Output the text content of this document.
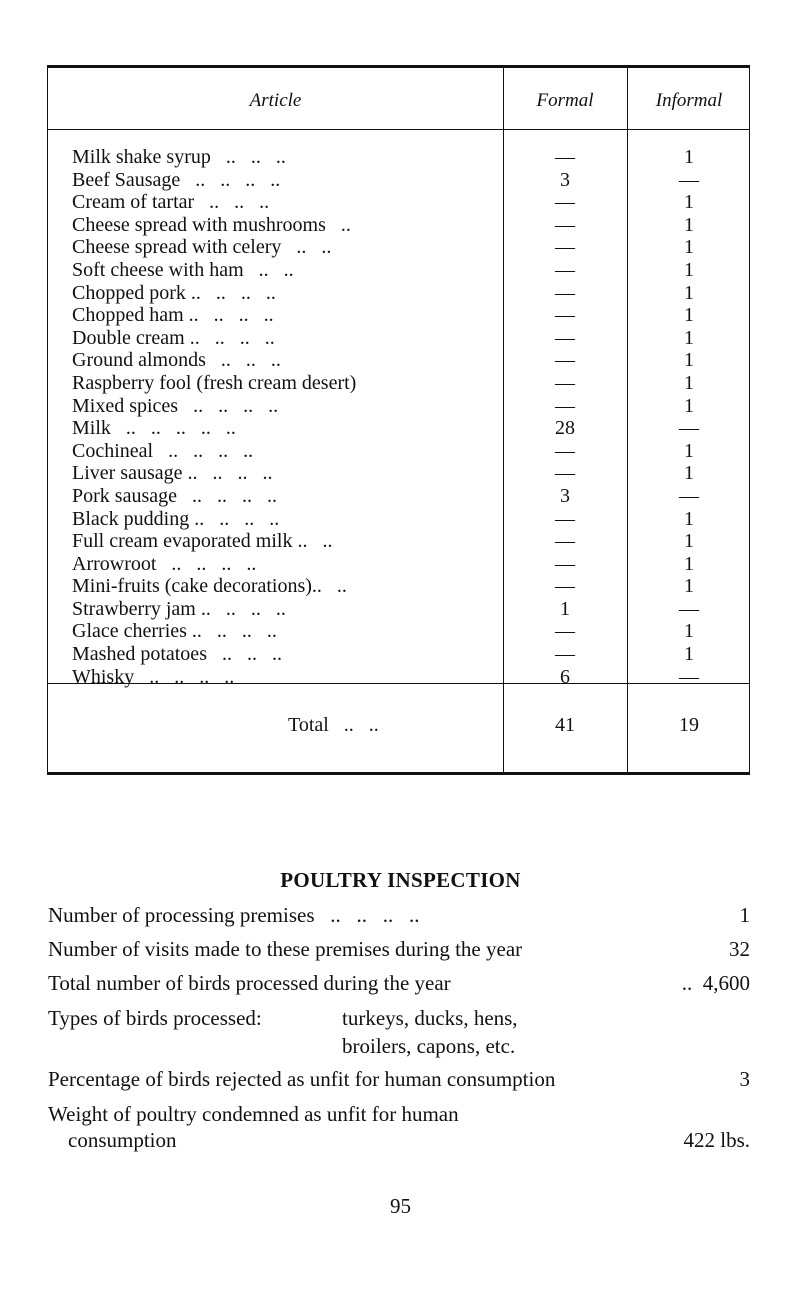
Article	Formal	Informal
Milk shake syrup   ..   ..   ..	—	1
Beef Sausage   ..   ..   ..   ..	3	—
Cream of tartar   ..   ..   ..	—	1
Cheese spread with mushrooms   ..	—	1
Cheese spread with celery   ..   ..	—	1
Soft cheese with ham   ..   ..	—	1
Chopped pork ..   ..   ..   ..	—	1
Chopped ham ..   ..   ..   ..	—	1
Double cream ..   ..   ..   ..	—	1
Ground almonds   ..   ..   ..	—	1
Raspberry fool (fresh cream desert)	—	1
Mixed spices   ..   ..   ..   ..	—	1
Milk   ..   ..   ..   ..   ..	28	—
Cochineal   ..   ..   ..   ..	—	1
Liver sausage ..   ..   ..   ..	—	1
Pork sausage   ..   ..   ..   ..	3	—
Black pudding ..   ..   ..   ..	—	1
Full cream evaporated milk ..   ..	—	1
Arrowroot   ..   ..   ..   ..	—	1
Mini-fruits (cake decorations)..   ..	—	1
Strawberry jam ..   ..   ..   ..	1	—
Glace cherries ..   ..   ..   ..	—	1
Mashed potatoes   ..   ..   ..	—	1
Whisky   ..   ..   ..   ..	6	—
Total   ..   ..	41	19
POULTRY INSPECTION
Number of processing premises   ..   ..   ..   ..	1
Number of visits made to these premises during the year	32
Total number of birds processed during the year	..  4,600
Types of birds processed:	turkeys, ducks, hens,
broilers, capons, etc.
Percentage of birds rejected as unfit for human consumption	3
Weight of poultry condemned as unfit for human
consumption	422 lbs.
95
